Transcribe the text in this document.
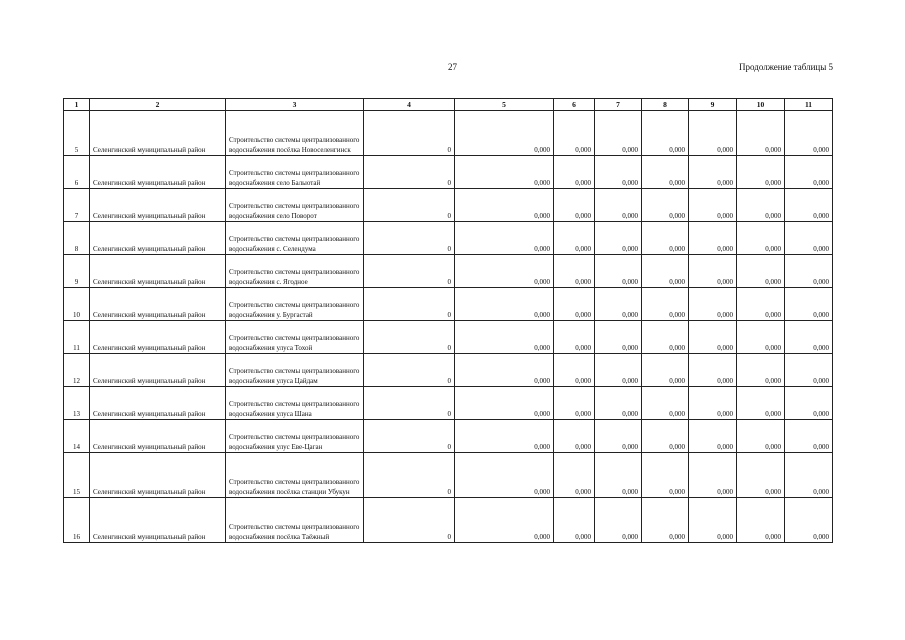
27	Продолжение таблицы 5
1	2	3	4	5	6	7	8	9	10	11
5	Селенгинский муниципальный район	Строительство системы централизованного водоснабжения посёлка Новоселенгинск	0	0,000	0,000	0,000	0,000	0,000	0,000	0,000
6	Селенгинский муниципальный район	Строительство системы централизованного водоснабжения село Балыотай	0	0,000	0,000	0,000	0,000	0,000	0,000	0,000
7	Селенгинский муниципальный район	Строительство системы централизованного водоснабжения село Поворот	0	0,000	0,000	0,000	0,000	0,000	0,000	0,000
8	Селенгинский муниципальный район	Строительство системы централизованного водоснабжения с. Селендума	0	0,000	0,000	0,000	0,000	0,000	0,000	0,000
9	Селенгинский муниципальный район	Строительство системы централизованного водоснабжения с. Ягодное	0	0,000	0,000	0,000	0,000	0,000	0,000	0,000
10	Селенгинский муниципальный район	Строительство системы централизованного водоснабжения у. Бургастай	0	0,000	0,000	0,000	0,000	0,000	0,000	0,000
11	Селенгинский муниципальный район	Строительство системы централизованного водоснабжения улуса Тохой	0	0,000	0,000	0,000	0,000	0,000	0,000	0,000
12	Селенгинский муниципальный район	Строительство системы централизованного водоснабжения улуса Цайдам	0	0,000	0,000	0,000	0,000	0,000	0,000	0,000
13	Селенгинский муниципальный район	Строительство системы централизованного водоснабжения улуса Шана	0	0,000	0,000	0,000	0,000	0,000	0,000	0,000
14	Селенгинский муниципальный район	Строительство системы централизованного водоснабжения улус Еве-Цаган	0	0,000	0,000	0,000	0,000	0,000	0,000	0,000
15	Селенгинский муниципальный район	Строительство системы централизованного водоснабжения посёлка станции Убукун	0	0,000	0,000	0,000	0,000	0,000	0,000	0,000
16	Селенгинский муниципальный район	Строительство системы централизованного водоснабжения посёлка Таёжный	0	0,000	0,000	0,000	0,000	0,000	0,000	0,000
